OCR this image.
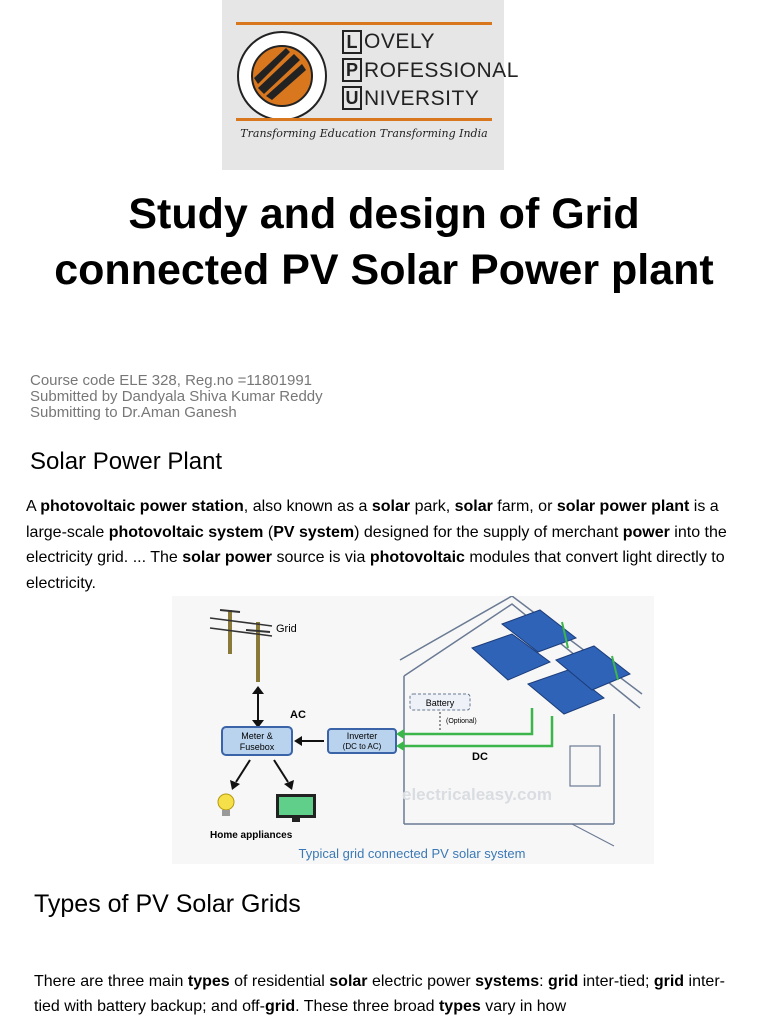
L
P
U
OVELY
ROFESSIONAL
NIVERSITY
Transforming Education Transforming India
Study and design of Grid connected PV Solar Power plant
Course code ELE 328, Reg.no =11801991
Submitted by Dandyala Shiva Kumar Reddy
Submitting to Dr.Aman Ganesh
Solar Power Plant
A photovoltaic power station, also known as a solar park, solar farm, or solar power plant is a large-scale photovoltaic system (PV system) designed for the supply of merchant power into the electricity grid. ... The solar power source is via photovoltaic modules that convert light directly to electricity.
Grid
AC
Meter &
Fusebox
Inverter
(DC to AC)
Home appliances
Battery
(Optional)
DC
electricaleasy.com
Typical grid connected PV solar system
Types of PV Solar Grids
There are three main types of residential solar electric power systems: grid inter-tied; grid inter-tied with battery backup; and off-grid. These three broad types vary in how
